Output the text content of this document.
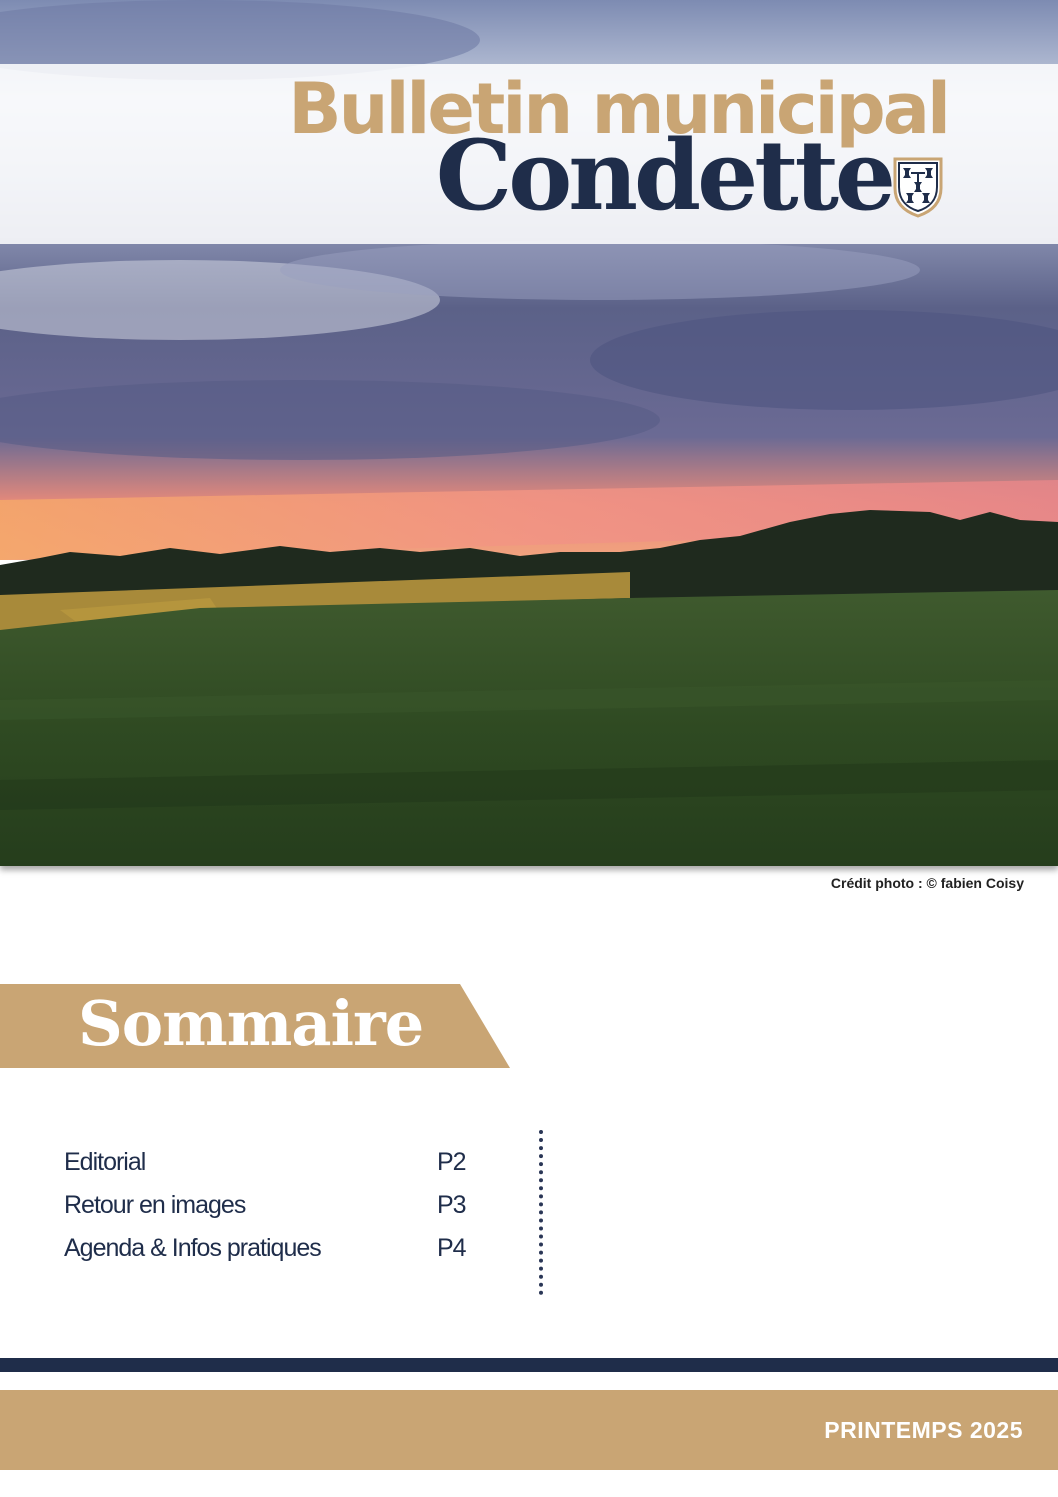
Bulletin municipal
Condette
Crédit photo : © fabien Coisy
Sommaire
Editorial	P2
Retour en images	P3
Agenda & Infos pratiques	P4
PRINTEMPS 2025
